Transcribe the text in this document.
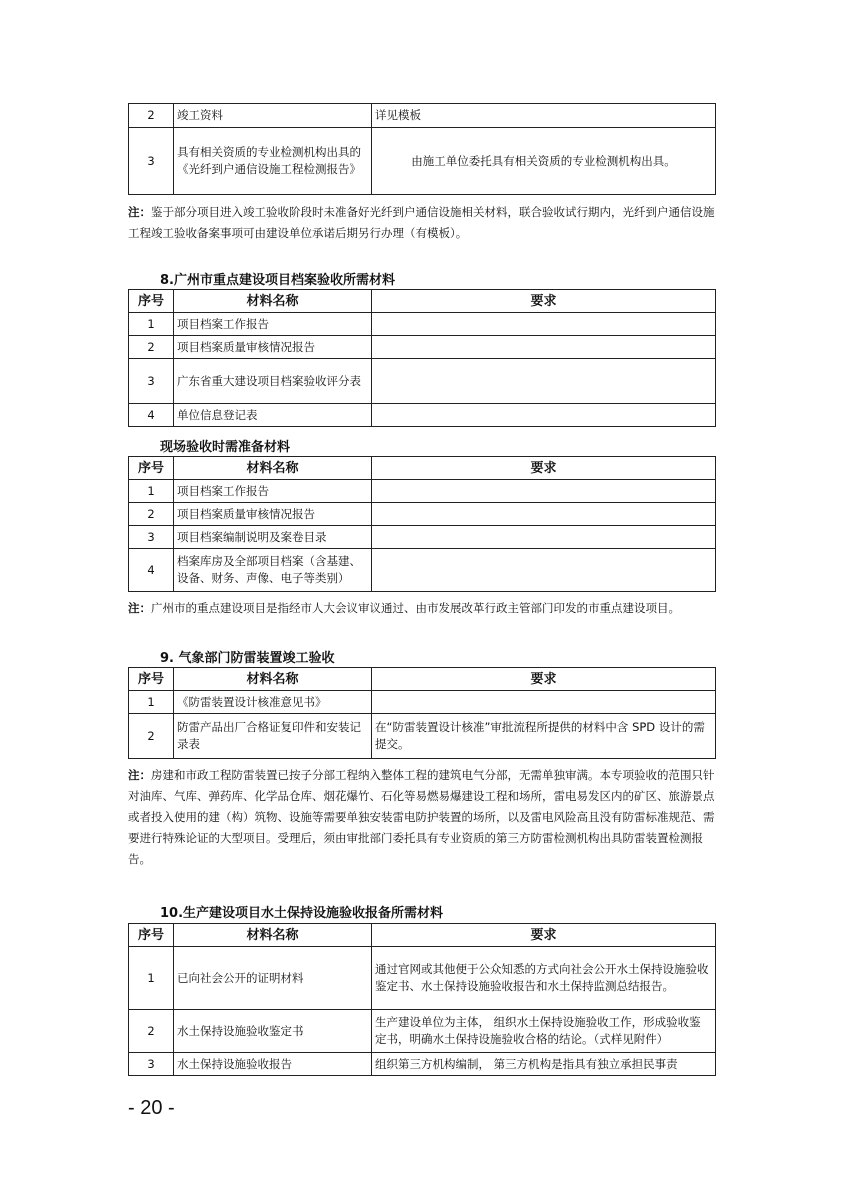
2	竣工资料	详见模板
3	具有相关资质的专业检测机构出具的《光纤到户通信设施工程检测报告》	由施工单位委托具有相关资质的专业检测机构出具。
注：鉴于部分项目进入竣工验收阶段时未准备好光纤到户通信设施相关材料，联合验收试行期内，光纤到户通信设施工程竣工验收备案事项可由建设单位承诺后期另行办理（有模板）。
8.广州市重点建设项目档案验收所需材料
序号	材料名称	要求
1	项目档案工作报告	
2	项目档案质量审核情况报告	
3	广东省重大建设项目档案验收评分表	
4	单位信息登记表	
现场验收时需准备材料
序号	材料名称	要求
1	项目档案工作报告	
2	项目档案质量审核情况报告	
3	项目档案编制说明及案卷目录	
4	档案库房及全部项目档案（含基建、设备、财务、声像、电子等类别）	
注：广州市的重点建设项目是指经市人大会议审议通过、由市发展改革行政主管部门印发的市重点建设项目。
9. 气象部门防雷装置竣工验收
序号	材料名称	要求
1	《防雷装置设计核准意见书》	
2	防雷产品出厂合格证复印件和安装记录表	在“防雷装置设计核准”审批流程所提供的材料中含 SPD 设计的需提交。
注：房建和市政工程防雷装置已按子分部工程纳入整体工程的建筑电气分部，无需单独审满。本专项验收的范围只针对油库、气库、弹药库、化学品仓库、烟花爆竹、石化等易燃易爆建设工程和场所，雷电易发区内的矿区、旅游景点或者投入使用的建（构）筑物、设施等需要单独安装雷电防护装置的场所，以及雷电风险高且没有防雷标准规范、需要进行特殊论证的大型项目。受理后，须由审批部门委托具有专业资质的第三方防雷检测机构出具防雷装置检测报告。
10.生产建设项目水土保持设施验收报备所需材料
序号	材料名称	要求
1	已向社会公开的证明材料	通过官网或其他便于公众知悉的方式向社会公开水土保持设施验收鉴定书、水土保持设施验收报告和水土保持监测总结报告。
2	水土保持设施验收鉴定书	生产建设单位为主体， 组织水土保持设施验收工作，形成验收鉴定书，明确水土保持设施验收合格的结论。（式样见附件）
3	水土保持设施验收报告	组织第三方机构编制， 第三方机构是指具有独立承担民事责
- 20 -
